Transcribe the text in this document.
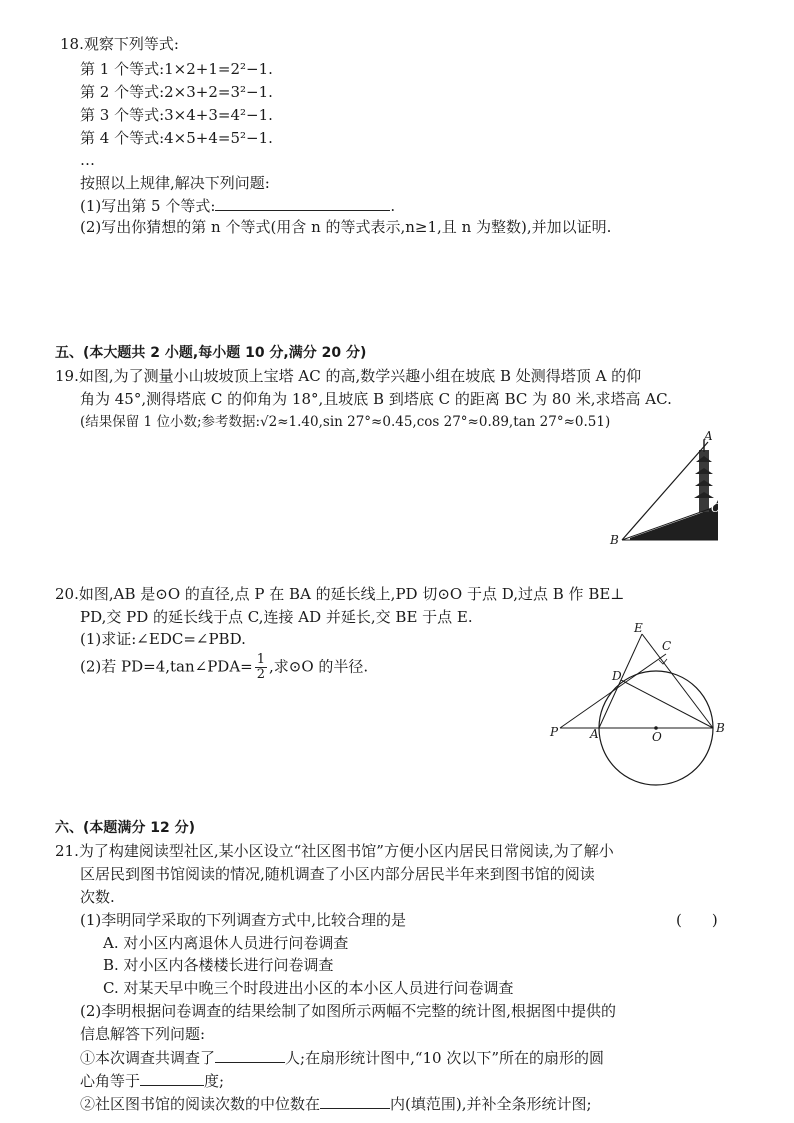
18.观察下列等式:
第 1 个等式:1×2+1=2²−1.
第 2 个等式:2×3+2=3²−1.
第 3 个等式:3×4+3=4²−1.
第 4 个等式:4×5+4=5²−1.
…
按照以上规律,解决下列问题:
(1)写出第 5 个等式:	.
(2)写出你猜想的第 n 个等式(用含 n 的等式表示,n≥1,且 n 为整数),并加以证明.
五、(本大题共 2 小题,每小题 10 分,满分 20 分)
19.如图,为了测量小山坡坡顶上宝塔 AC 的高,数学兴趣小组在坡底 B 处测得塔顶 A 的仰
角为 45°,测得塔底 C 的仰角为 18°,且坡底 B 到塔底 C 的距离 BC 为 80 米,求塔高 AC.
(结果保留 1 位小数;参考数据:√2≈1.40,sin 27°≈0.45,cos 27°≈0.89,tan 27°≈0.51)
A
B
C
20.如图,AB 是⊙O 的直径,点 P 在 BA 的延长线上,PD 切⊙O 于点 D,过点 B 作 BE⊥
PD,交 PD 的延长线于点 C,连接 AD 并延长,交 BE 于点 E.
(1)求证:∠EDC=∠PBD.
(2)若 PD=4,tan∠PDA= $\frac{1}{2}$ ,求⊙O 的半径.
E
C
D
P	A	O
B
六、(本题满分 12 分)
21.为了构建阅读型社区,某小区设立“社区图书馆”方便小区内居民日常阅读,为了解小
区居民到图书馆阅读的情况,随机调查了小区内部分居民半年来到图书馆的阅读
次数.
(1)李明同学采取的下列调查方式中,比较合理的是	(　　)
A. 对小区内离退休人员进行问卷调查
B. 对小区内各楼楼长进行问卷调查
C. 对某天早中晚三个时段进出小区的本小区人员进行问卷调查
(2)李明根据问卷调查的结果绘制了如图所示两幅不完整的统计图,根据图中提供的
信息解答下列问题:
①本次调查共调查了	人;在扇形统计图中,“10 次以下”所在的扇形的圆
心角等于	度;
②社区图书馆的阅读次数的中位数在	内(填范围),并补全条形统计图;
